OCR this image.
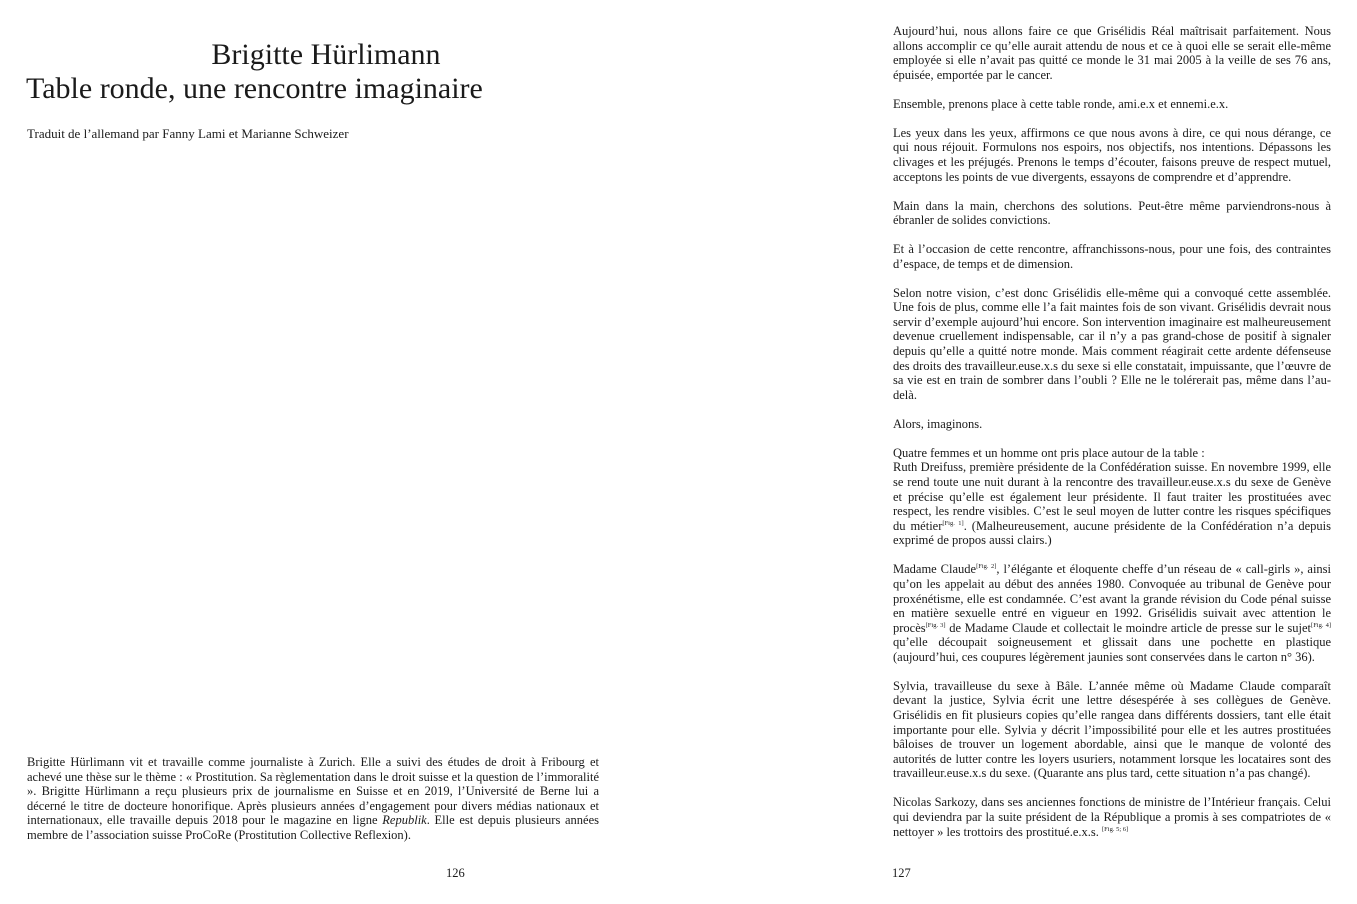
Brigitte Hürlimann
Table ronde, une rencontre imaginaire
Traduit de l’allemand par Fanny Lami et Marianne Schweizer

Brigitte Hürlimann vit et travaille comme journaliste à Zurich. Elle a suivi des études de droit à Fribourg et achevé une thèse sur le thème : « Prostitution. Sa règlementation dans le droit suisse et la question de l’immoralité ». Brigitte Hürlimann a reçu plusieurs prix de journalisme en Suisse et en 2019, l’Université de Berne lui a décerné le titre de docteure honorifique. Après plusieurs années d’engagement pour divers médias nationaux et internationaux, elle travaille depuis 2018 pour le magazine en ligne Republik. Elle est depuis plusieurs années membre de l’association suisse ProCoRe (Prostitution Collective Reflexion).

126

Aujourd’hui, nous allons faire ce que Grisélidis Réal maîtrisait parfaitement. Nous allons accomplir ce qu’elle aurait attendu de nous et ce à quoi elle se serait elle-même employée si elle n’avait pas quitté ce monde le 31 mai 2005 à la veille de ses 76 ans, épuisée, emportée par le cancer.

Ensemble, prenons place à cette table ronde, ami.e.x et ennemi.e.x.

Les yeux dans les yeux, affirmons ce que nous avons à dire, ce qui nous dérange, ce qui nous réjouit. Formulons nos espoirs, nos objectifs, nos intentions. Dépassons les clivages et les préjugés. Prenons le temps d’écouter, faisons preuve de respect mutuel, acceptons les points de vue divergents, essayons de comprendre et d’apprendre.

Main dans la main, cherchons des solutions. Peut-être même parviendrons-nous à ébranler de solides convictions.

Et à l’occasion de cette rencontre, affranchissons-nous, pour une fois, des contraintes d’espace, de temps et de dimension.

Selon notre vision, c’est donc Grisélidis elle-même qui a convoqué cette assemblée. Une fois de plus, comme elle l’a fait maintes fois de son vivant. Grisélidis devrait nous servir d’exemple aujourd’hui encore. Son intervention imaginaire est malheureusement devenue cruellement indispensable, car il n’y a pas grand-chose de positif à signaler depuis qu’elle a quitté notre monde. Mais comment réagirait cette ardente défenseuse des droits des travailleur.euse.x.s du sexe si elle constatait, impuissante, que l’œuvre de sa vie est en train de sombrer dans l’oubli ? Elle ne le tolérerait pas, même dans l’au-delà.

Alors, imaginons.

Quatre femmes et un homme ont pris place autour de la table :

Ruth Dreifuss, première présidente de la Confédération suisse. En novembre 1999, elle se rend toute une nuit durant à la rencontre des travailleur.euse.x.s du sexe de Genève et précise qu’elle est également leur présidente. Il faut traiter les prostituées avec respect, les rendre visibles. C’est le seul moyen de lutter contre les risques spécifiques du métier[Fig. 1]. (Malheureusement, aucune présidente de la Confédération n’a depuis exprimé de propos aussi clairs.)

Madame Claude[Fig. 2], l’élégante et éloquente cheffe d’un réseau de « call-girls », ainsi qu’on les appelait au début des années 1980. Convoquée au tribunal de Genève pour proxénétisme, elle est condamnée. C’est avant la grande révision du Code pénal suisse en matière sexuelle entré en vigueur en 1992. Grisélidis suivait avec attention le procès[Fig. 3] de Madame Claude et collectait le moindre article de presse sur le sujet[Fig. 4] qu’elle découpait soigneusement et glissait dans une pochette en plastique (aujourd’hui, ces coupures légèrement jaunies sont conservées dans le carton n° 36).

Sylvia, travailleuse du sexe à Bâle. L’année même où Madame Claude comparaît devant la justice, Sylvia écrit une lettre désespérée à ses collègues de Genève. Grisélidis en fit plusieurs copies qu’elle rangea dans différents dossiers, tant elle était importante pour elle. Sylvia y décrit l’impossibilité pour elle et les autres prostituées bâloises de trouver un logement abordable, ainsi que le manque de volonté des autorités de lutter contre les loyers usuriers, notamment lorsque les locataires sont des travailleur.euse.x.s du sexe. (Quarante ans plus tard, cette situation n’a pas changé).

Nicolas Sarkozy, dans ses anciennes fonctions de ministre de l’Intérieur français. Celui qui deviendra par la suite président de la République a promis à ses compatriotes de « nettoyer » les trottoirs des prostitué.e.x.s. [Fig. 5; 6]

127
